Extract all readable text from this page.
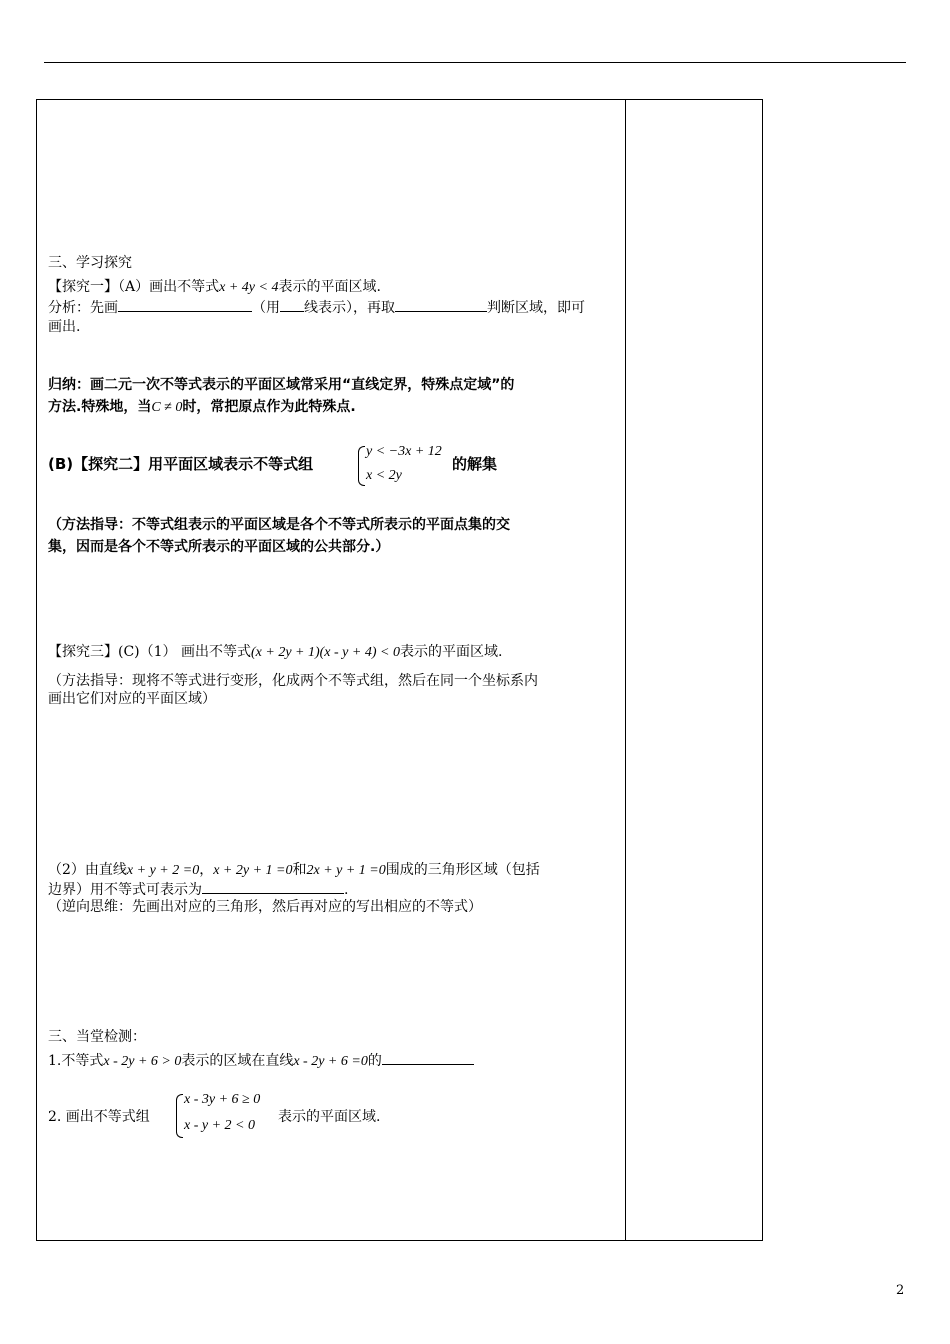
三、学习探究
【探究一】（A）画出不等式x + 4y < 4表示的平面区域.
分析：先画	（用 线表示），再取	判断区域，即可
画出.
归纳：画二元一次不等式表示的平面区域常采用“直线定界，特殊点定域”的
方法.特殊地，当C ≠ 0时，常把原点作为此特殊点.
(B)【探究二】用平面区域表示不等式组
y < −3x + 12
x < 2y
的解集
（方法指导：不等式组表示的平面区域是各个不等式所表示的平面点集的交
集，因而是各个不等式所表示的平面区域的公共部分.）
【探究三】(C)（1） 画出不等式(x + 2y + 1)(x - y + 4) < 0表示的平面区域.
（方法指导：现将不等式进行变形，化成两个不等式组，然后在同一个坐标系内
画出它们对应的平面区域）
（2）由直线x + y + 2 =0，x + 2y + 1 =0和2x + y + 1 =0围成的三角形区域（包括
边界）用不等式可表示为	.
（逆向思维：先画出对应的三角形，然后再对应的写出相应的不等式）
三、当堂检测：
1.不等式x - 2y + 6 > 0表示的区域在直线x - 2y + 6 =0的
2. 画出不等式组
x - 3y + 6 ≥ 0
x - y + 2 < 0
表示的平面区域.
2
